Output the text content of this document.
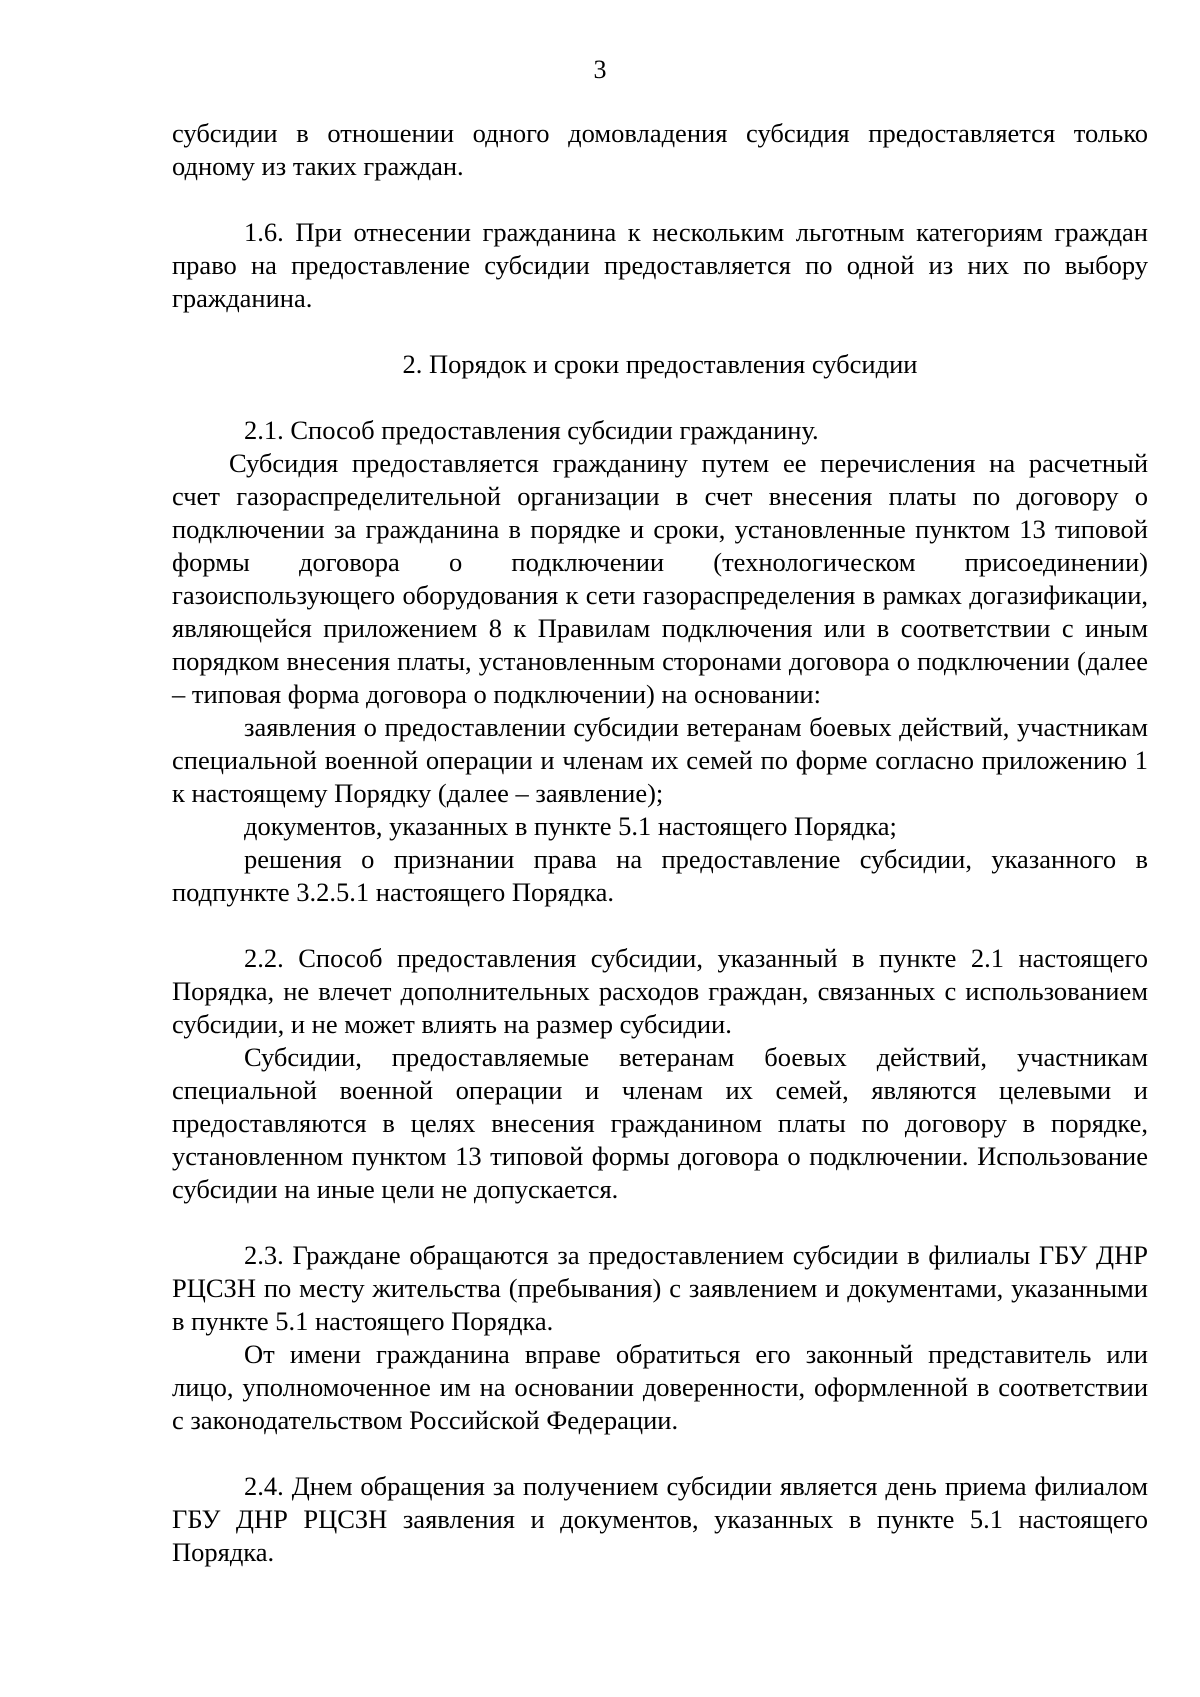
3

субсидии в отношении одного домовладения субсидия предоставляется только одному из таких граждан.

1.6. При отнесении гражданина к нескольким льготным категориям граждан право на предоставление субсидии предоставляется по одной из них по выбору гражданина.

2. Порядок и сроки предоставления субсидии

2.1. Способ предоставления субсидии гражданину.

Субсидия предоставляется гражданину путем ее перечисления на расчетный счет газораспределительной организации в счет внесения платы по договору о подключении за гражданина в порядке и сроки, установленные пунктом 13 типовой формы договора о подключении (технологическом присоединении) газоиспользующего оборудования к сети газораспределения в рамках догазификации, являющейся приложением 8 к Правилам подключения или в соответствии с иным порядком внесения платы, установленным сторонами договора о подключении (далее – типовая форма договора о подключении) на основании:

заявления о предоставлении субсидии ветеранам боевых действий, участникам специальной военной операции и членам их семей по форме согласно приложению 1 к настоящему Порядку (далее – заявление);

документов, указанных в пункте 5.1 настоящего Порядка;

решения о признании права на предоставление субсидии, указанного в подпункте 3.2.5.1 настоящего Порядка.

2.2. Способ предоставления субсидии, указанный в пункте 2.1 настоящего Порядка, не влечет дополнительных расходов граждан, связанных с использованием субсидии, и не может влиять на размер субсидии.

Субсидии, предоставляемые ветеранам боевых действий, участникам специальной военной операции и членам их семей, являются целевыми и предоставляются в целях внесения гражданином платы по договору в порядке, установленном пунктом 13 типовой формы договора о подключении. Использование субсидии на иные цели не допускается.

2.3. Граждане обращаются за предоставлением субсидии в филиалы ГБУ ДНР РЦСЗН по месту жительства (пребывания) с заявлением и документами, указанными в пункте 5.1 настоящего Порядка.

От имени гражданина вправе обратиться его законный представитель или лицо, уполномоченное им на основании доверенности, оформленной в соответствии с законодательством Российской Федерации.

2.4. Днем обращения за получением субсидии является день приема филиалом ГБУ ДНР РЦСЗН заявления и документов, указанных в пункте 5.1 настоящего Порядка.
